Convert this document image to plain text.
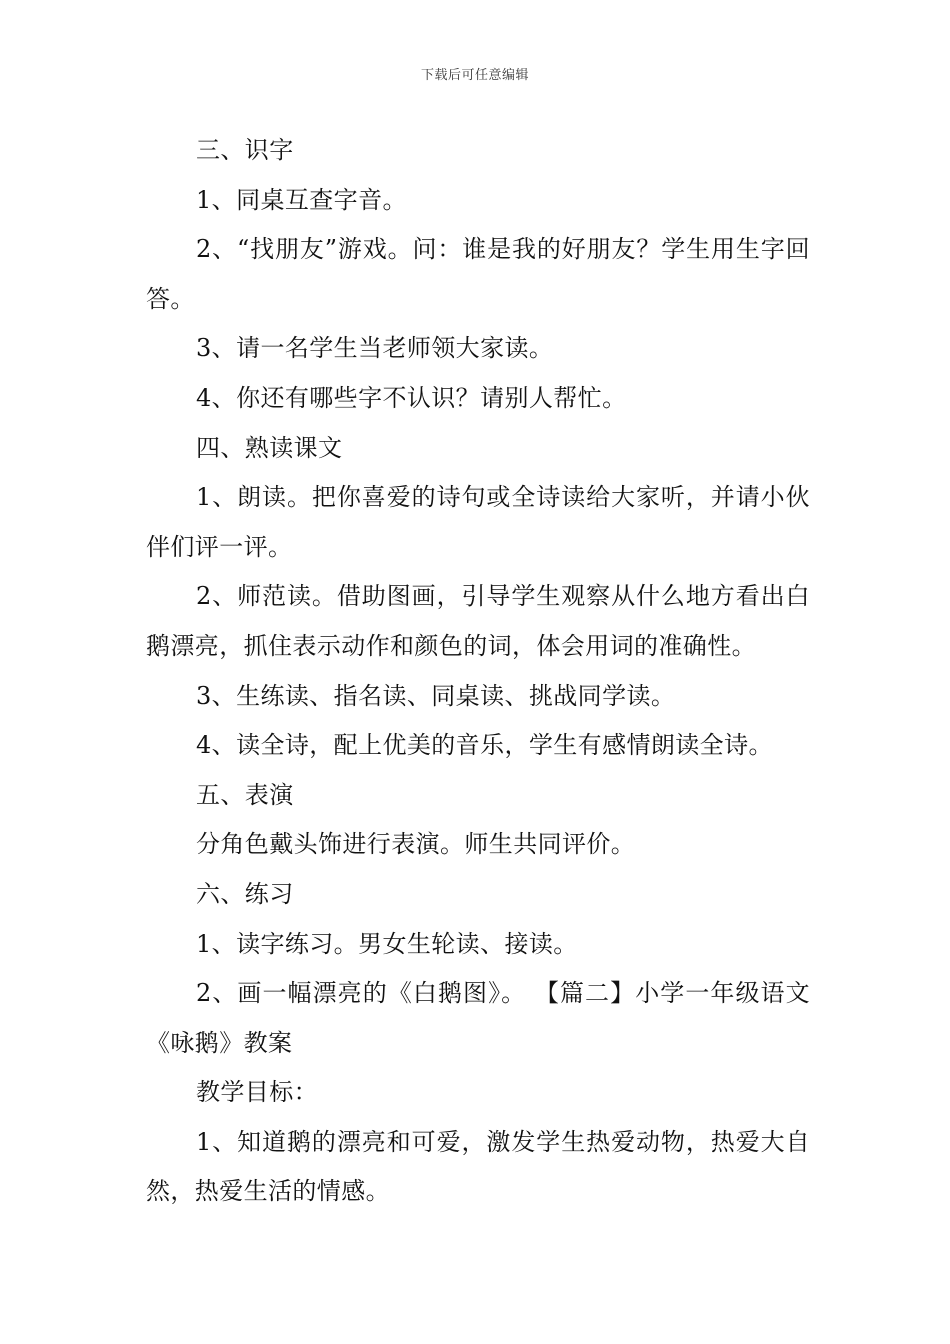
下载后可任意编辑

三、识字

1、同桌互查字音。

2、“找朋友”游戏。问：谁是我的好朋友？学生用生字回答。

3、请一名学生当老师领大家读。

4、你还有哪些字不认识？请别人帮忙。

四、熟读课文

1、朗读。把你喜爱的诗句或全诗读给大家听，并请小伙伴们评一评。

2、师范读。借助图画，引导学生观察从什么地方看出白鹅漂亮，抓住表示动作和颜色的词，体会用词的准确性。

3、生练读、指名读、同桌读、挑战同学读。

4、读全诗，配上优美的音乐，学生有感情朗读全诗。

五、表演

分角色戴头饰进行表演。师生共同评价。

六、练习

1、读字练习。男女生轮读、接读。

2、画一幅漂亮的《白鹅图》。 【篇二】小学一年级语文《咏鹅》教案

教学目标：

1、知道鹅的漂亮和可爱，激发学生热爱动物，热爱大自然，热爱生活的情感。
